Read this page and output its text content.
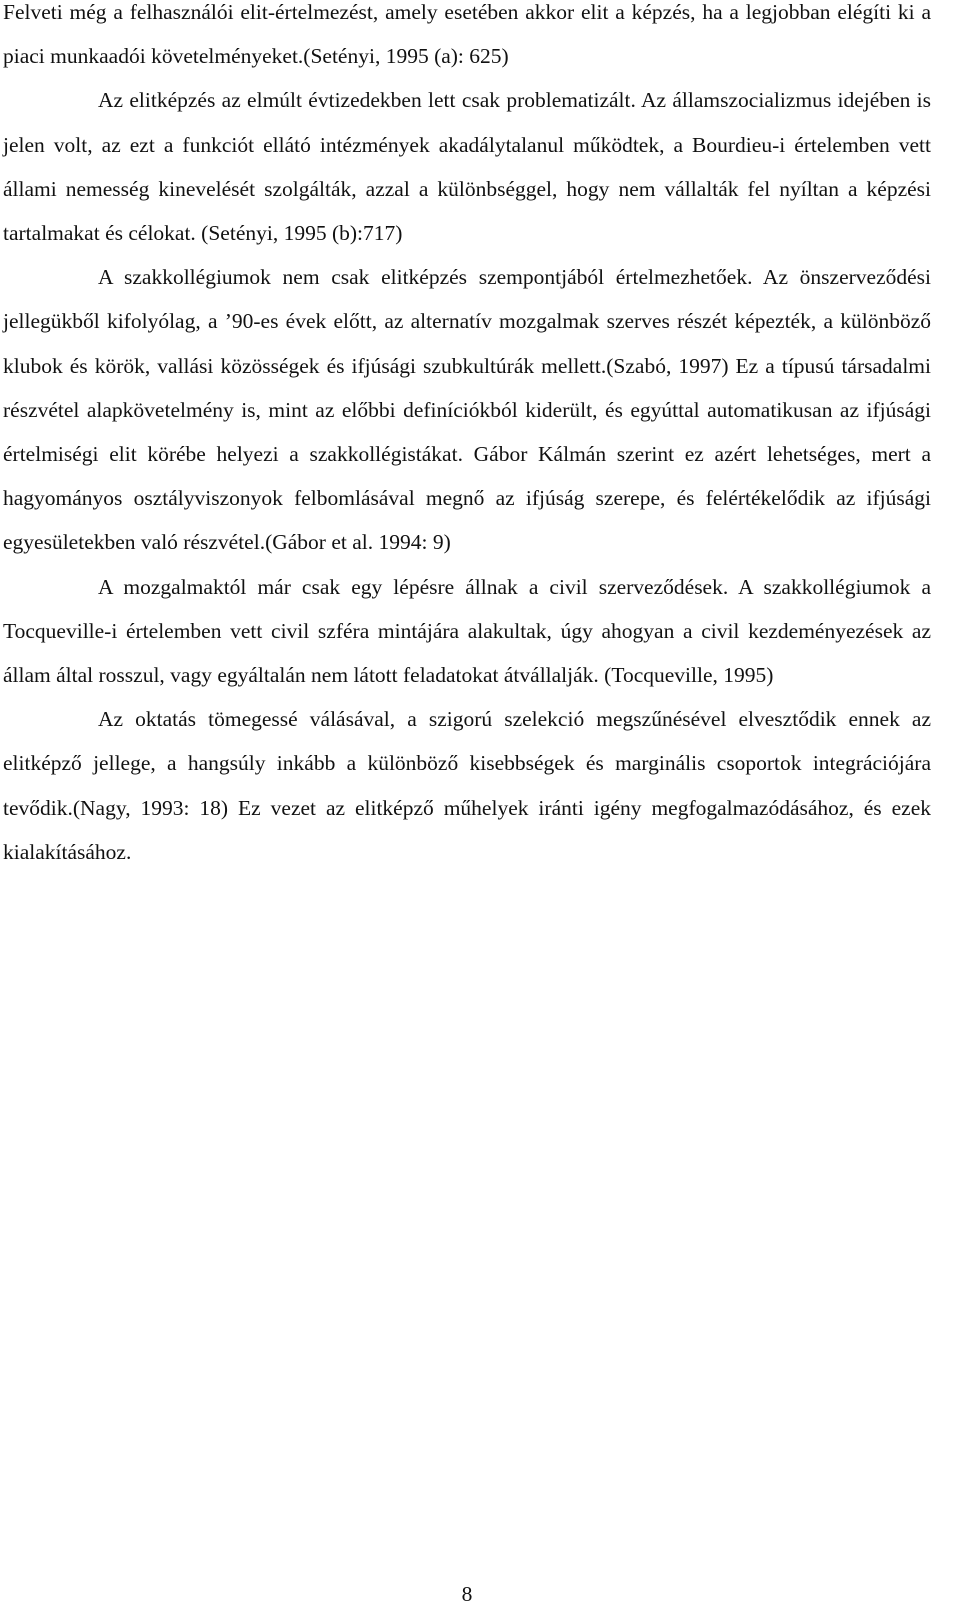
Felveti még a felhasználói elit-értelmezést, amely esetében akkor elit a képzés, ha a legjobban elégíti ki a piaci munkaadói követelményeket.(Setényi, 1995 (a): 625)

Az elitképzés az elmúlt évtizedekben lett csak problematizált. Az államszocializmus idejében is jelen volt, az ezt a funkciót ellátó intézmények akadálytalanul működtek, a Bourdieu-i értelemben vett állami nemesség kinevelését szolgálták, azzal a különbséggel, hogy nem vállalták fel nyíltan a képzési tartalmakat és célokat. (Setényi, 1995 (b):717)

A szakkollégiumok nem csak elitképzés szempontjából értelmezhetőek. Az önszerveződési jellegükből kifolyólag, a ’90-es évek előtt, az alternatív mozgalmak szerves részét képezték, a különböző klubok és körök, vallási közösségek és ifjúsági szubkultúrák mellett.(Szabó, 1997) Ez a típusú társadalmi részvétel alapkövetelmény is, mint az előbbi definíciókból kiderült, és egyúttal automatikusan az ifjúsági értelmiségi elit körébe helyezi a szakkollégistákat. Gábor Kálmán szerint ez azért lehetséges, mert a hagyományos osztályviszonyok felbomlásával megnő az ifjúság szerepe, és felértékelődik az ifjúsági egyesületekben való részvétel.(Gábor et al. 1994: 9)

A mozgalmaktól már csak egy lépésre állnak a civil szerveződések. A szakkollégiumok a Tocqueville-i értelemben vett civil szféra mintájára alakultak, úgy ahogyan a civil kezdeményezések az állam által rosszul, vagy egyáltalán nem látott feladatokat átvállalják. (Tocqueville, 1995)

Az oktatás tömegessé válásával, a szigorú szelekció megszűnésével elvesztődik ennek az elitképző jellege, a hangsúly inkább a különböző kisebbségek és marginális csoportok integrációjára tevődik.(Nagy, 1993: 18) Ez vezet az elitképző műhelyek iránti igény megfogalmazódásához, és ezek kialakításához.

8
